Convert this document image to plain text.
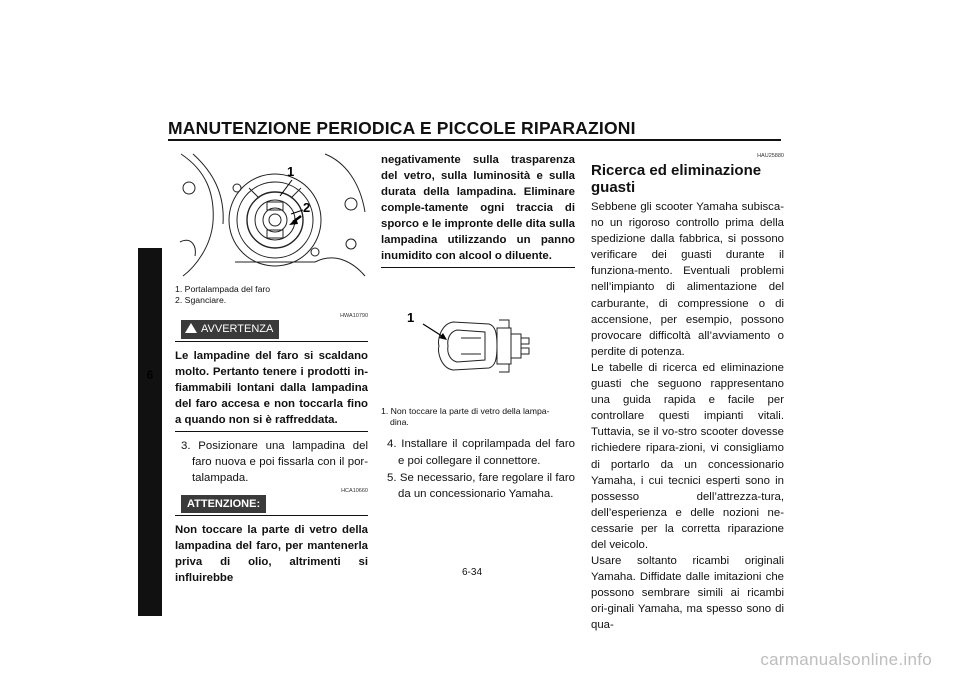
MANUTENZIONE PERIODICA E PICCOLE RIPARAZIONI
6
1
2
1. Portalampada del faro
2. Sganciare.
HWA10790
AVVERTENZA
Le lampadine del faro si scaldano molto. Pertanto tenere i prodotti in-fiammabili lontani dalla lampadina del faro accesa e non toccarla fino a quando non si è raffreddata.
3. Posizionare una lampadina del faro nuova e poi fissarla con il por-talampada.
HCA10660
ATTENZIONE:
Non toccare la parte di vetro della lampadina del faro, per mantenerla priva di olio, altrimenti si influirebbe
negativamente sulla trasparenza del vetro, sulla luminosità e sulla durata della lampadina. Eliminare comple-tamente ogni traccia di sporco e le impronte delle dita sulla lampadina utilizzando un panno inumidito con alcool o diluente.
1
1. Non toccare la parte di vetro della lampa-
dina.
4. Installare il coprilampada del faro e poi collegare il connettore.
5. Se necessario, fare regolare il faro da un concessionario Yamaha.
HAU25880
Ricerca ed eliminazione
guasti
Sebbene gli scooter Yamaha subisca-no un rigoroso controllo prima della spedizione dalla fabbrica, si possono verificare dei guasti durante il funziona-mento. Eventuali problemi nell’impianto di alimentazione del carburante, di compressione o di accensione, per esempio, possono provocare difficoltà all’avviamento o perdite di potenza.
Le tabelle di ricerca ed eliminazione guasti che seguono rappresentano una guida rapida e facile per controllare questi impianti vitali. Tuttavia, se il vo-stro scooter dovesse richiedere ripara-zioni, vi consigliamo di portarlo da un concessionario Yamaha, i cui tecnici esperti sono in possesso dell’attrezza-tura, dell’esperienza e delle nozioni ne-cessarie per la corretta riparazione del veicolo.
Usare soltanto ricambi originali Yamaha. Diffidate dalle imitazioni che possono sembrare simili ai ricambi ori-ginali Yamaha, ma spesso sono di qua-
6-34
carmanualsonline.info
